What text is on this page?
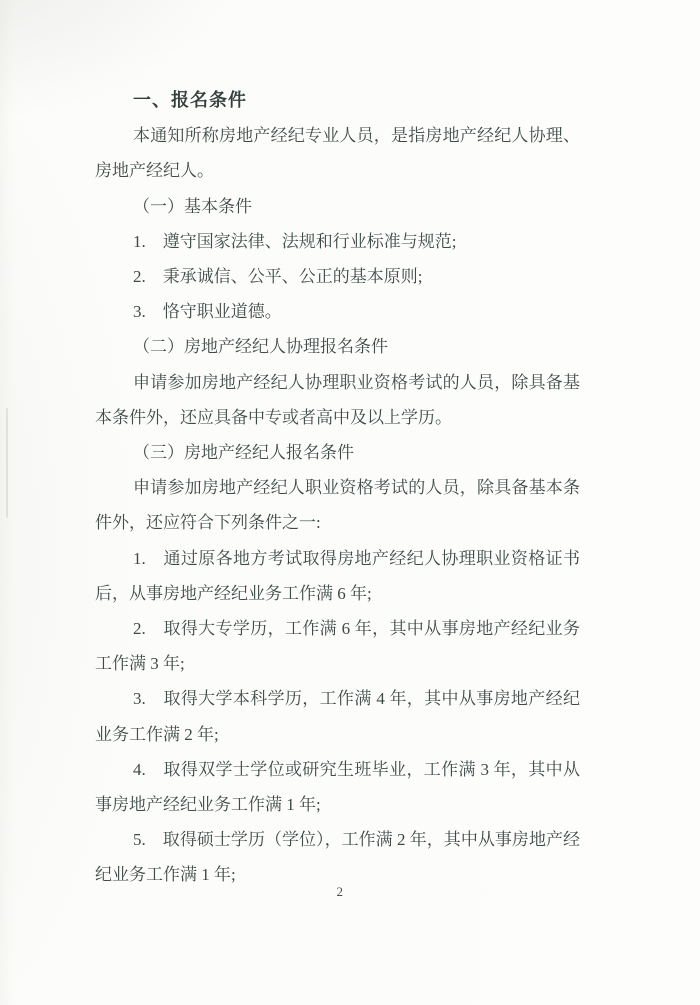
一、报名条件

本通知所称房地产经纪专业人员，是指房地产经纪人协理、房地产经纪人。

（一）基本条件

1.　遵守国家法律、法规和行业标准与规范;

2.　秉承诚信、公平、公正的基本原则;

3.　恪守职业道德。

（二）房地产经纪人协理报名条件

申请参加房地产经纪人协理职业资格考试的人员，除具备基本条件外，还应具备中专或者高中及以上学历。

（三）房地产经纪人报名条件

申请参加房地产经纪人职业资格考试的人员，除具备基本条件外，还应符合下列条件之一:

1.　通过原各地方考试取得房地产经纪人协理职业资格证书后，从事房地产经纪业务工作满 6 年;

2.　取得大专学历，工作满 6 年，其中从事房地产经纪业务工作满 3 年;

3.　取得大学本科学历，工作满 4 年，其中从事房地产经纪业务工作满 2 年;

4.　取得双学士学位或研究生班毕业，工作满 3 年，其中从事房地产经纪业务工作满 1 年;

5.　取得硕士学历（学位），工作满 2 年，其中从事房地产经纪业务工作满 1 年;

2
